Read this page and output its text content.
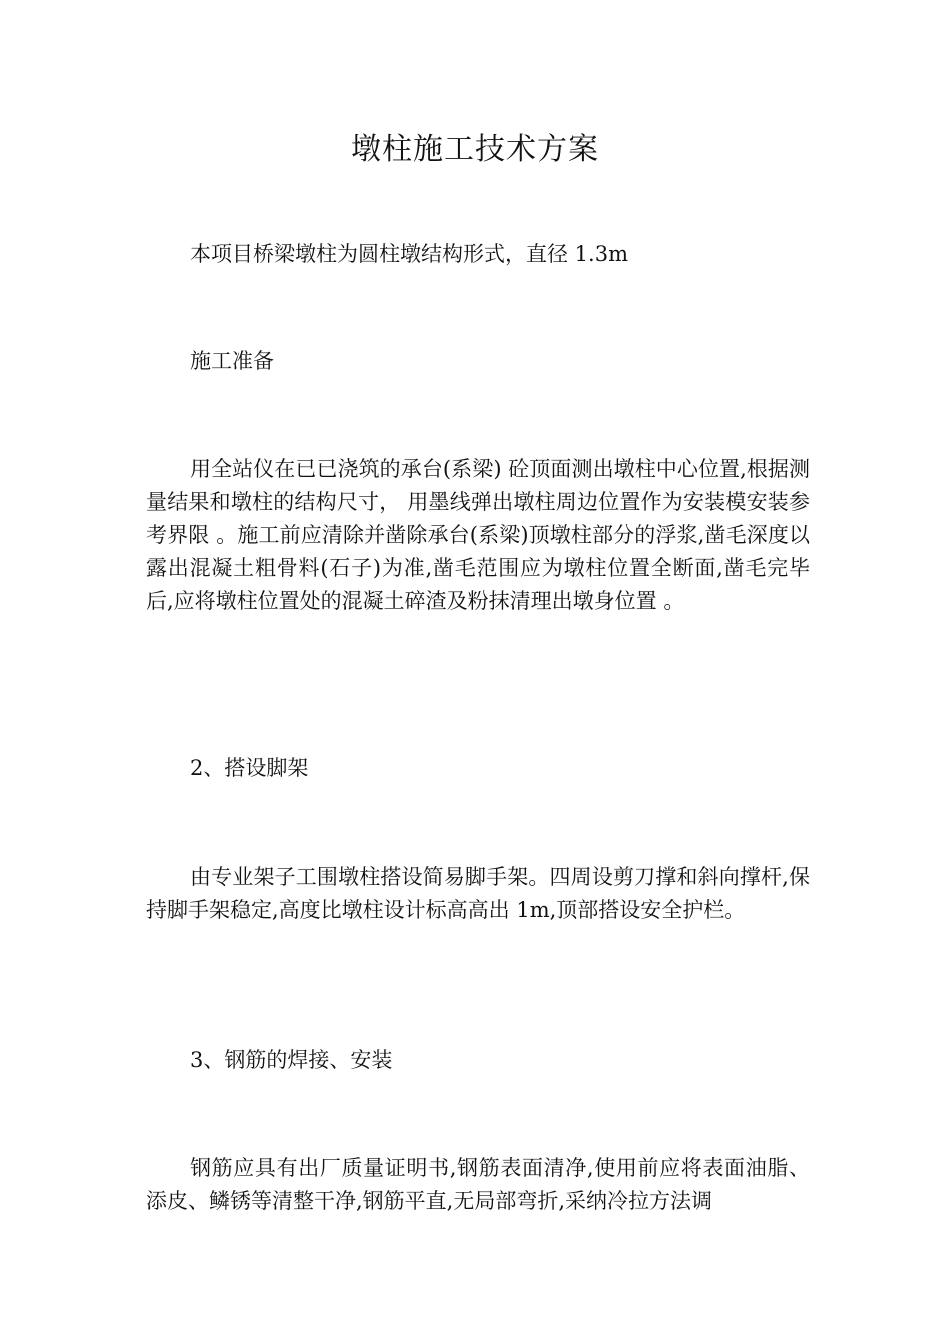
墩柱施工技术方案

本项目桥梁墩柱为圆柱墩结构形式，直径 1.3m

施工准备

用全站仪在已已浇筑的承台(系梁) 砼顶面测出墩柱中心位置,根据测量结果和墩柱的结构尺寸， 用墨线弹出墩柱周边位置作为安装模安装参考界限 。施工前应清除并凿除承台(系梁)顶墩柱部分的浮浆,凿毛深度以露出混凝土粗骨料(石子)为准,凿毛范围应为墩柱位置全断面,凿毛完毕后,应将墩柱位置处的混凝土碎渣及粉抹清理出墩身位置 。

2、搭设脚架

由专业架子工围墩柱搭设简易脚手架。四周设剪刀撑和斜向撑杆,保持脚手架稳定,高度比墩柱设计标高高出 1m,顶部搭设安全护栏。

3、钢筋的焊接、安装

钢筋应具有出厂质量证明书,钢筋表面清净,使用前应将表面油脂、添皮、鳞锈等清整干净,钢筋平直,无局部弯折,采纳冷拉方法调
